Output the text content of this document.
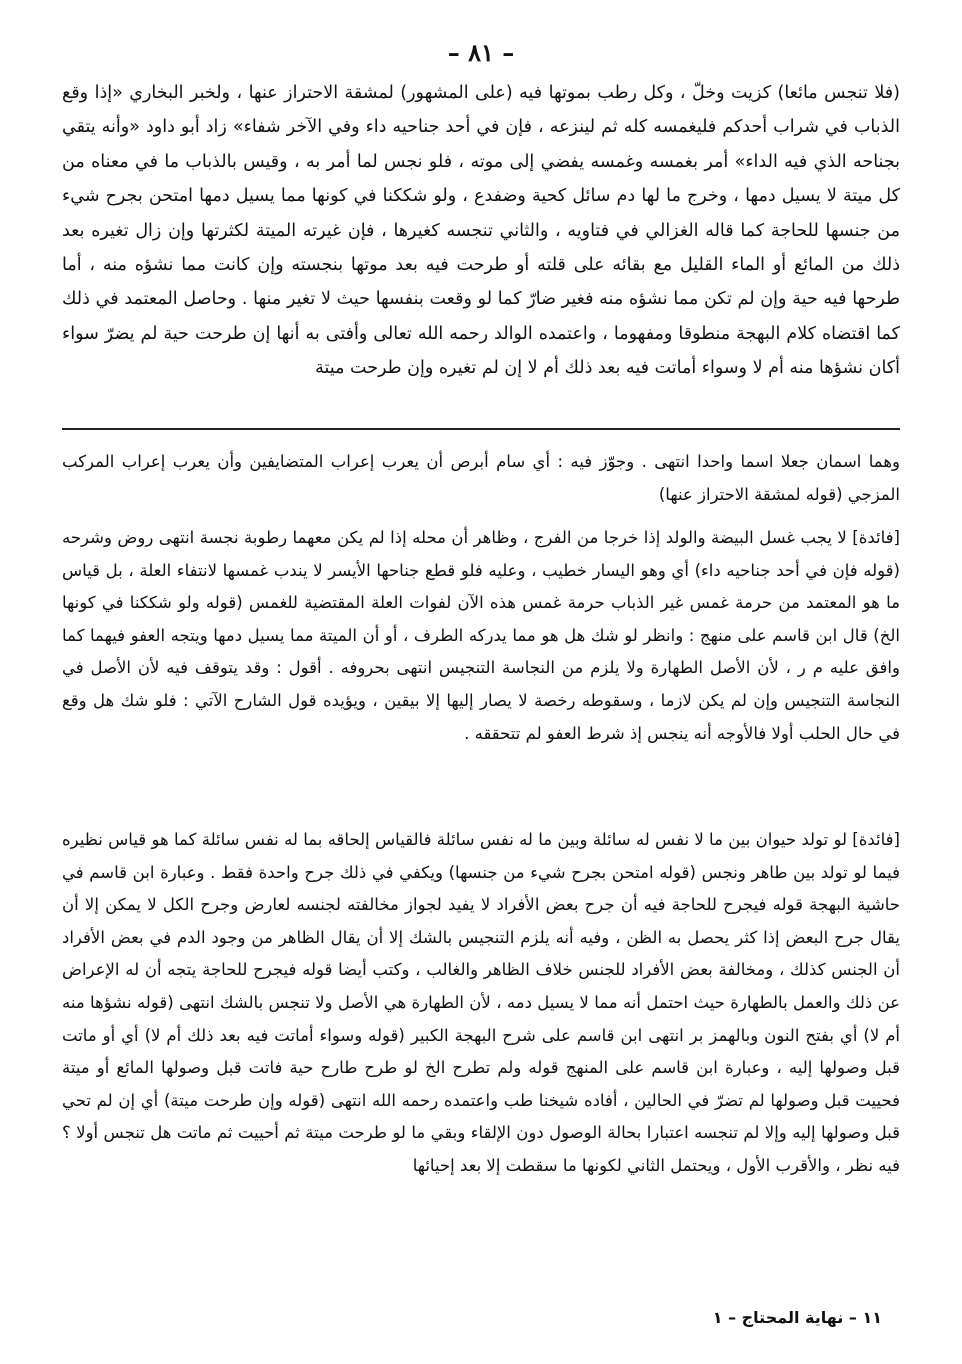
– ٨١ –

(فلا تنجس مائعا) كزيت وخلّ ، وكل رطب بموتها فيه (على المشهور) لمشقة الاحتراز عنها ، ولخبر البخاري «إذا وقع الذباب في شراب أحدكم فليغمسه كله ثم لينزعه ، فإن في أحد جناحيه داء وفي الآخر شفاء» زاد أبو داود «وأنه يتقي بجناحه الذي فيه الداء» أمر بغمسه وغمسه يفضي إلى موته ، فلو نجس لما أمر به ، وقيس بالذباب ما في معناه من كل ميتة لا يسيل دمها ، وخرج ما لها دم سائل كحية وضفدع ، ولو شككنا في كونها مما يسيل دمها امتحن بجرح شيء من جنسها للحاجة كما قاله الغزالي في فتاويه ، والثاني تنجسه كغيرها ، فإن غيرته الميتة لكثرتها وإن زال تغيره بعد ذلك من المائع أو الماء القليل مع بقائه على قلته أو طرحت فيه بعد موتها بنجسته وإن كانت مما نشؤه منه ، أما طرحها فيه حية وإن لم تكن مما نشؤه منه فغير ضارّ كما لو وقعت بنفسها حيث لا تغير منها . وحاصل المعتمد في ذلك كما اقتضاه كلام البهجة منطوقا ومفهوما ، واعتمده الوالد رحمه الله تعالى وأفتى به أنها إن طرحت حية لم يضرّ سواء أكان نشؤها منه أم لا وسواء أماتت فيه بعد ذلك أم لا إن لم تغيره وإن طرحت ميتة

وهما اسمان جعلا اسما واحدا انتهى . وجوّز فيه : أي سام أبرص أن يعرب إعراب المتضايفين وأن يعرب إعراب المركب المزجي (قوله لمشقة الاحتراز عنها)

[فائدة] لا يجب غسل البيضة والولد إذا خرجا من الفرج ، وظاهر أن محله إذا لم يكن معهما رطوبة نجسة انتهى روض وشرحه (قوله فإن في أحد جناحيه داء) أي وهو اليسار خطيب ، وعليه فلو قطع جناحها الأيسر لا يندب غمسها لانتفاء العلة ، بل قياس ما هو المعتمد من حرمة غمس غير الذباب حرمة غمس هذه الآن لفوات العلة المقتضية للغمس (قوله ولو شككنا في كونها الخ) قال ابن قاسم على منهج : وانظر لو شك هل هو مما يدركه الطرف ، أو أن الميتة مما يسيل دمها ويتجه العفو فيهما كما وافق عليه م ر ، لأن الأصل الطهارة ولا يلزم من النجاسة التنجيس انتهى بحروفه . أقول : وقد يتوقف فيه لأن الأصل في النجاسة التنجيس وإن لم يكن لازما ، وسقوطه رخصة لا يصار إليها إلا بيقين ، ويؤيده قول الشارح الآتي : فلو شك هل وقع في حال الحلب أولا فالأوجه أنه ينجس إذ شرط العفو لم تتحققه .

[فائدة] لو تولد حيوان بين ما لا نفس له سائلة وبين ما له نفس سائلة فالقياس إلحاقه بما له نفس سائلة كما هو قياس نظيره فيما لو تولد بين طاهر ونجس (قوله امتحن بجرح شيء من جنسها) ويكفي في ذلك جرح واحدة فقط . وعبارة ابن قاسم في حاشية البهجة قوله فيجرح للحاجة فيه أن جرح بعض الأفراد لا يفيد لجواز مخالفته لجنسه لعارض وجرح الكل لا يمكن إلا أن يقال جرح البعض إذا كثر يحصل به الظن ، وفيه أنه يلزم التنجيس بالشك إلا أن يقال الظاهر من وجود الدم في بعض الأفراد أن الجنس كذلك ، ومخالفة بعض الأفراد للجنس خلاف الظاهر والغالب ، وكتب أيضا قوله فيجرح للحاجة يتجه أن له الإعراض عن ذلك والعمل بالطهارة حيث احتمل أنه مما لا يسيل دمه ، لأن الطهارة هي الأصل ولا تنجس بالشك انتهى (قوله نشؤها منه أم لا) أي بفتح النون وبالهمز بر انتهى ابن قاسم على شرح البهجة الكبير (قوله وسواء أماتت فيه بعد ذلك أم لا) أي أو ماتت قبل وصولها إليه ، وعبارة ابن قاسم على المنهج قوله ولم تطرح الخ لو طرح طارح حية فاتت قبل وصولها المائع أو ميتة فحييت قبل وصولها لم تضرّ في الحالين ، أفاده شيخنا طب واعتمده رحمه الله انتهى (قوله وإن طرحت ميتة) أي إن لم تحي قبل وصولها إليه وإلا لم تنجسه اعتبارا بحالة الوصول دون الإلقاء وبقي ما لو طرحت ميتة ثم أحييت ثم ماتت هل تنجس أولا ؟ فيه نظر ، والأقرب الأول ، ويحتمل الثاني لكونها ما سقطت إلا بعد إحيائها

١١ – نهاية المحتاج – ١
